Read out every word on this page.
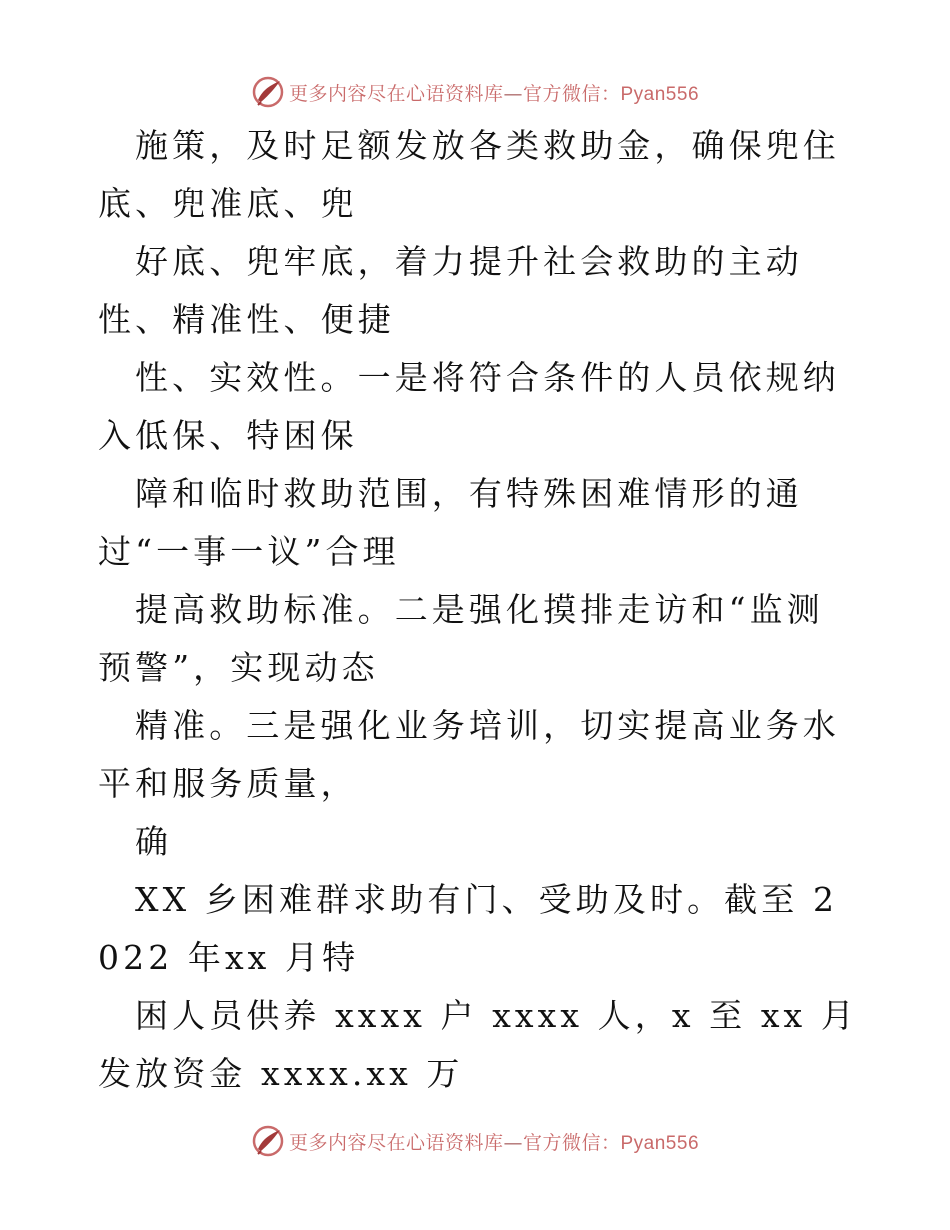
更多内容尽在心语资料库—官方微信：Pyan556

施策，及时足额发放各类救助金，确保兜住底、兜准底、兜

好底、兜牢底，着力提升社会救助的主动性、精准性、便捷

性、实效性。一是将符合条件的人员依规纳入低保、特困保

障和临时救助范围，有特殊困难情形的通过“一事一议”合理

提高救助标准。二是强化摸排走访和“监测预警”，实现动态

精准。三是强化业务培训，切实提高业务水平和服务质量，

确

XX 乡困难群求助有门、受助及时。截至 2022 年xx 月特

困人员供养 xxxx 户 xxxx 人，x 至 xx 月发放资金 xxxx.xx 万

更多内容尽在心语资料库—官方微信：Pyan556
